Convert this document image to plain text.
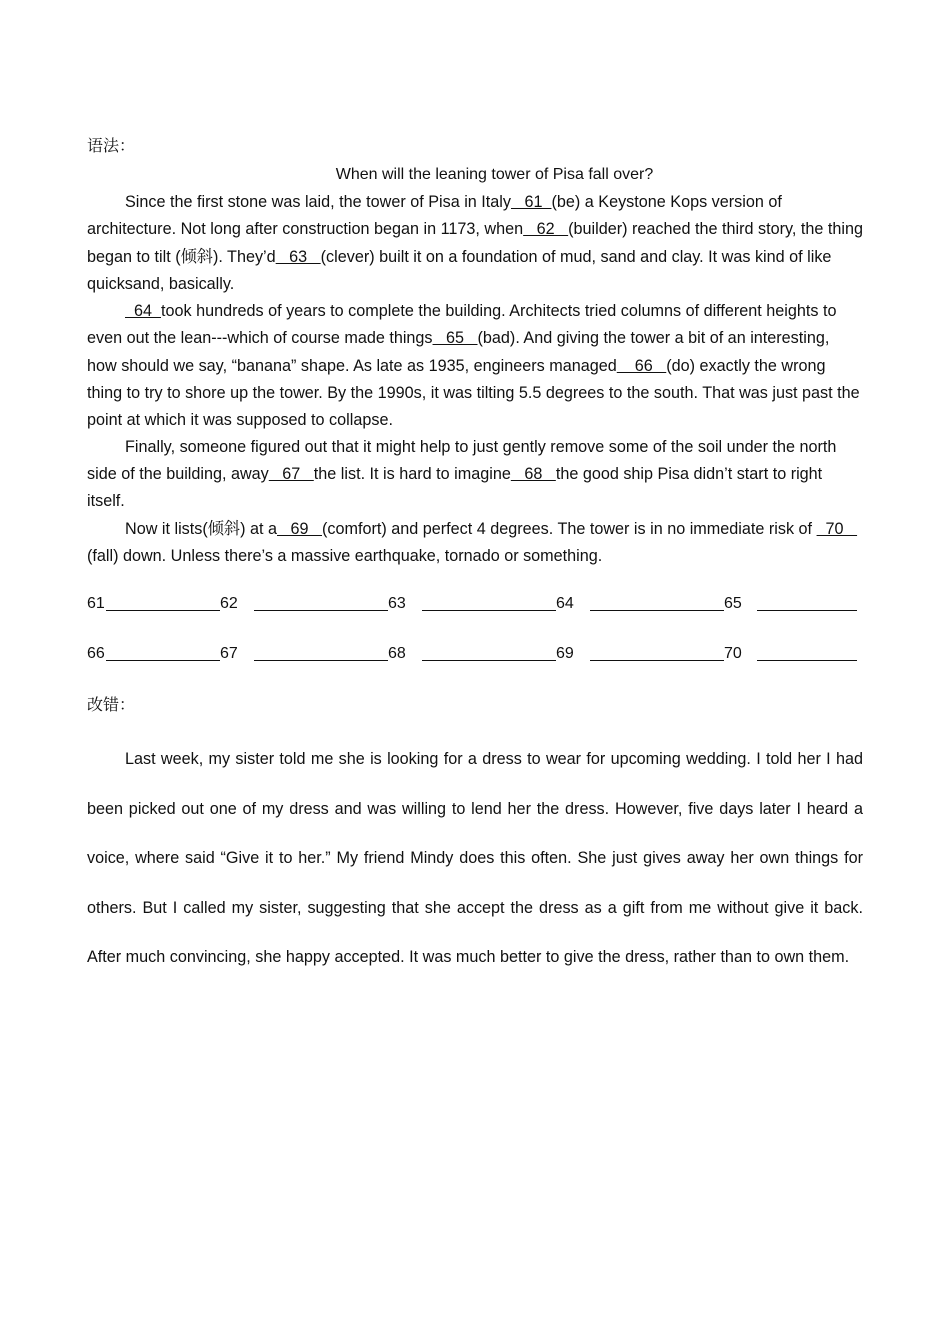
语法：
When will the leaning tower of Pisa fall over?

Since the first stone was laid, the tower of Pisa in Italy   61  (be) a Keystone Kops version of architecture. Not long after construction began in 1173, when   62   (builder) reached the third story, the thing began to tilt (倾斜). They’d   63   (clever) built it on a foundation of mud, sand and clay. It was kind of like quicksand, basically.

64  took hundreds of years to complete the building. Architects tried columns of different heights to even out the lean---which of course made things   65   (bad). And giving the tower a bit of an interesting, how should we say, “banana” shape. As late as 1935, engineers managed    66   (do) exactly the wrong thing to try to shore up the tower. By the 1990s, it was tilting 5.5 degrees to the south. That was just past the point at which it was supposed to collapse.

Finally, someone figured out that it might help to just gently remove some of the soil under the north side of the building, away   67   the list. It is hard to imagine   68   the good ship Pisa didn’t start to right itself.

Now it lists(倾斜) at a   69   (comfort) and perfect 4 degrees. The tower is in no immediate risk of   70    (fall) down. Unless there’s a massive earthquake, tornado or something.

61	62	63	64	65
66	67	68	69	70
改错：

Last week, my sister told me she is looking for a dress to wear for upcoming wedding. I told her I had been picked out one of my dress and was willing to lend her the dress. However, five days later I heard a voice, where said “Give it to her.” My friend Mindy does this often. She just gives away her own things for others. But I called my sister, suggesting that she accept the dress as a gift from me without give it back. After much convincing, she happy accepted. It was much better to give the dress, rather than to own them.
